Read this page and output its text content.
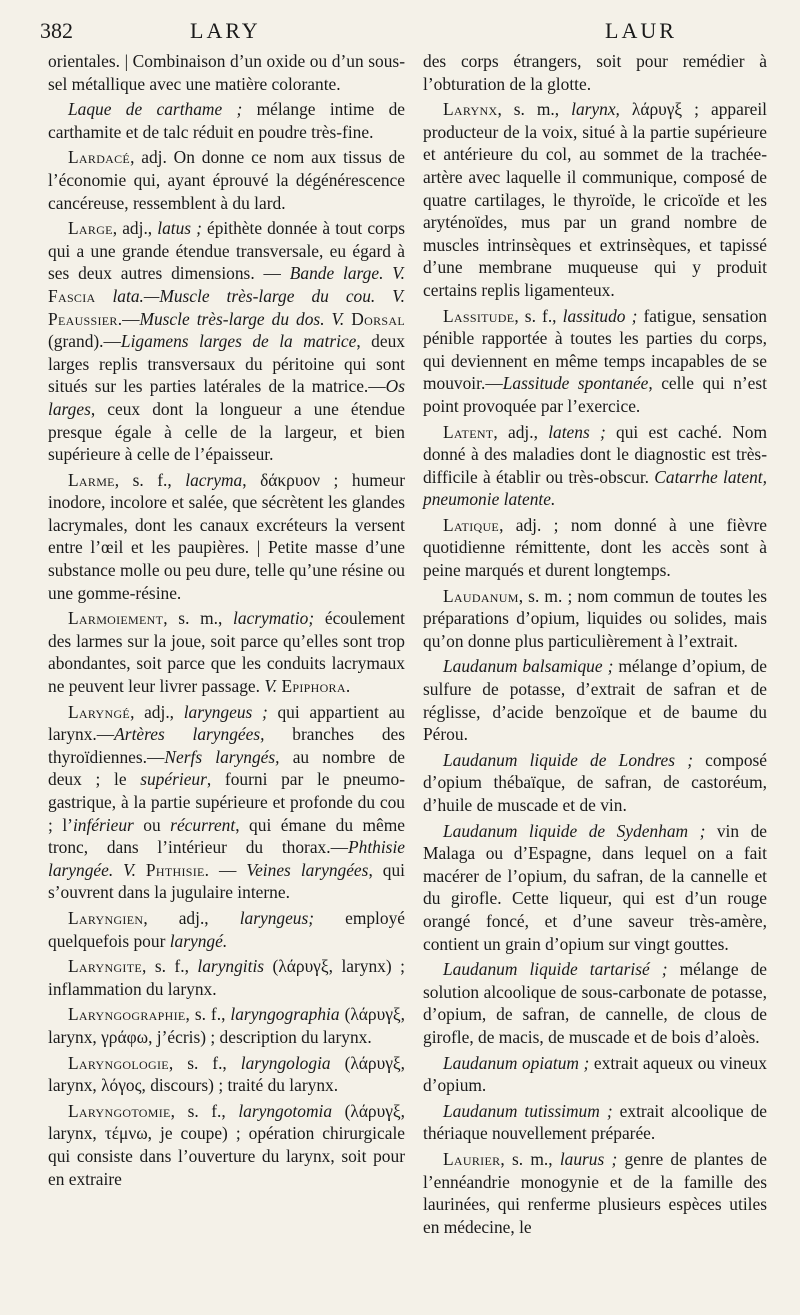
382	LARY	LAUR

orientales. | Combinaison d’un oxide ou d’un sous-sel métallique avec une matière colorante.

Laque de carthame ; mélange intime de carthamite et de talc réduit en poudre très-fine.

Lardacé, adj. On donne ce nom aux tissus de l’économie qui, ayant éprouvé la dégénérescence cancéreuse, ressemblent à du lard.

Large, adj., latus ; épithète donnée à tout corps qui a une grande étendue transversale, eu égard à ses deux autres dimensions. — Bande large. V. Fascia lata.—Muscle très-large du cou. V. Peaussier.—Muscle très-large du dos. V. Dorsal (grand).—Ligamens larges de la matrice, deux larges replis transversaux du péritoine qui sont situés sur les parties latérales de la matrice.—Os larges, ceux dont la longueur a une étendue presque égale à celle de la largeur, et bien supérieure à celle de l’épaisseur.

Larme, s. f., lacryma, δάκρυον ; humeur inodore, incolore et salée, que sécrètent les glandes lacrymales, dont les canaux excréteurs la versent entre l’œil et les paupières. | Petite masse d’une substance molle ou peu dure, telle qu’une résine ou une gomme-résine.

Larmoiement, s. m., lacrymatio; écoulement des larmes sur la joue, soit parce qu’elles sont trop abondantes, soit parce que les conduits lacrymaux ne peuvent leur livrer passage. V. Epiphora.

Laryngé, adj., laryngeus ; qui appartient au larynx.—Artères laryngées, branches des thyroïdiennes.—Nerfs laryngés, au nombre de deux ; le supérieur, fourni par le pneumo-gastrique, à la partie supérieure et profonde du cou ; l’inférieur ou récurrent, qui émane du même tronc, dans l’intérieur du thorax.—Phthisie laryngée. V. Phthisie. — Veines laryngées, qui s’ouvrent dans la jugulaire interne.

Laryngien, adj., laryngeus; employé quelquefois pour laryngé.

Laryngite, s. f., laryngitis (λάρυγξ, larynx) ; inflammation du larynx.

Laryngographie, s. f., laryngographia (λάρυγξ, larynx, γράφω, j’écris) ; description du larynx.

Laryngologie, s. f., laryngologia (λάρυγξ, larynx, λόγος, discours) ; traité du larynx.

Laryngotomie, s. f., laryngotomia (λάρυγξ, larynx, τέμνω, je coupe) ; opération chirurgicale qui consiste dans l’ouverture du larynx, soit pour en extraire

des corps étrangers, soit pour remédier à l’obturation de la glotte.

Larynx, s. m., larynx, λάρυγξ ; appareil producteur de la voix, situé à la partie supérieure et antérieure du col, au sommet de la trachée-artère avec laquelle il communique, composé de quatre cartilages, le thyroïde, le cricoïde et les aryténoïdes, mus par un grand nombre de muscles intrinsèques et extrinsèques, et tapissé d’une membrane muqueuse qui y produit certains replis ligamenteux.

Lassitude, s. f., lassitudo ; fatigue, sensation pénible rapportée à toutes les parties du corps, qui deviennent en même temps incapables de se mouvoir.—Lassitude spontanée, celle qui n’est point provoquée par l’exercice.

Latent, adj., latens ; qui est caché. Nom donné à des maladies dont le diagnostic est très-difficile à établir ou très-obscur. Catarrhe latent, pneumonie latente.

Latique, adj. ; nom donné à une fièvre quotidienne rémittente, dont les accès sont à peine marqués et durent longtemps.

Laudanum, s. m. ; nom commun de toutes les préparations d’opium, liquides ou solides, mais qu’on donne plus particulièrement à l’extrait.

Laudanum balsamique ; mélange d’opium, de sulfure de potasse, d’extrait de safran et de réglisse, d’acide benzoïque et de baume du Pérou.

Laudanum liquide de Londres ; composé d’opium thébaïque, de safran, de castoréum, d’huile de muscade et de vin.

Laudanum liquide de Sydenham ; vin de Malaga ou d’Espagne, dans lequel on a fait macérer de l’opium, du safran, de la cannelle et du girofle. Cette liqueur, qui est d’un rouge orangé foncé, et d’une saveur très-amère, contient un grain d’opium sur vingt gouttes.

Laudanum liquide tartarisé ; mélange de solution alcoolique de sous-carbonate de potasse, d’opium, de safran, de cannelle, de clous de girofle, de macis, de muscade et de bois d’aloès.

Laudanum opiatum ; extrait aqueux ou vineux d’opium.

Laudanum tutissimum ; extrait alcoolique de thériaque nouvellement préparée.

Laurier, s. m., laurus ; genre de plantes de l’ennéandrie monogynie et de la famille des laurinées, qui renferme plusieurs espèces utiles en médecine, le
